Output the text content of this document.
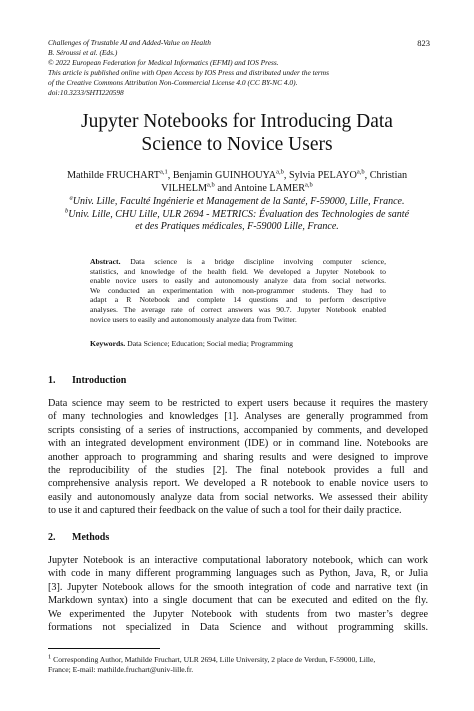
Challenges of Trustable AI and Added-Value on Health
B. Séroussi et al. (Eds.)
© 2022 European Federation for Medical Informatics (EFMI) and IOS Press.
This article is published online with Open Access by IOS Press and distributed under the terms
of the Creative Commons Attribution Non-Commercial License 4.0 (CC BY-NC 4.0).
doi:10.3233/SHTI220598
823
Jupyter Notebooks for Introducing Data
Science to Novice Users
Mathilde FRUCHART$^{a,1}$, Benjamin GUINHOUYA$^{a,b}$, Sylvia PELAYO$^{a,b}$, Christian
VILHELM$^{a,b}$ and Antoine LAMER$^{a,b}$
$^a$Univ. Lille, Faculté Ingénierie et Management de la Santé, F-59000, Lille, France.
$^b$Univ. Lille, CHU Lille, ULR 2694 - METRICS: Évaluation des Technologies de santé
et des Pratiques médicales, F-59000 Lille, France.
Abstract. Data science is a bridge discipline involving computer science,
statistics, and knowledge of the health field. We developed a Jupyter Notebook to
enable novice users to easily and autonomously analyze data from social networks.
We conducted an experimentation with non-programmer students. They had to
adapt a R Notebook and complete 14 questions and to perform descriptive
analyses. The average rate of correct answers was 90.7. Jupyter Notebook enabled
novice users to easily and autonomously analyze data from Twitter.
Keywords. Data Science; Education; Social media; Programming
1. Introduction
Data science may seem to be restricted to expert users because it requires the mastery
of many technologies and knowledges [1]. Analyses are generally programmed from
scripts consisting of a series of instructions, accompanied by comments, and developed
with an integrated development environment (IDE) or in command line. Notebooks are
another approach to programming and sharing results and were designed to improve
the reproducibility of the studies [2]. The final notebook provides a full and
comprehensive analysis report. We developed a R notebook to enable novice users to
easily and autonomously analyze data from social networks. We assessed their ability
to use it and captured their feedback on the value of such a tool for their daily practice.
2. Methods
Jupyter Notebook is an interactive computational laboratory notebook, which can work
with code in many different programming languages such as Python, Java, R, or Julia
[3]. Jupyter Notebook allows for the smooth integration of code and narrative text (in
Markdown syntax) into a single document that can be executed and edited on the fly.
We experimented the Jupyter Notebook with students from two master’s degree
formations not specialized in Data Science and without programming skills.
$^1$ Corresponding Author, Mathilde Fruchart, ULR 2694, Lille University, 2 place de Verdun, F-59000, Lille,
France; E-mail: mathilde.fruchart@univ-lille.fr.
